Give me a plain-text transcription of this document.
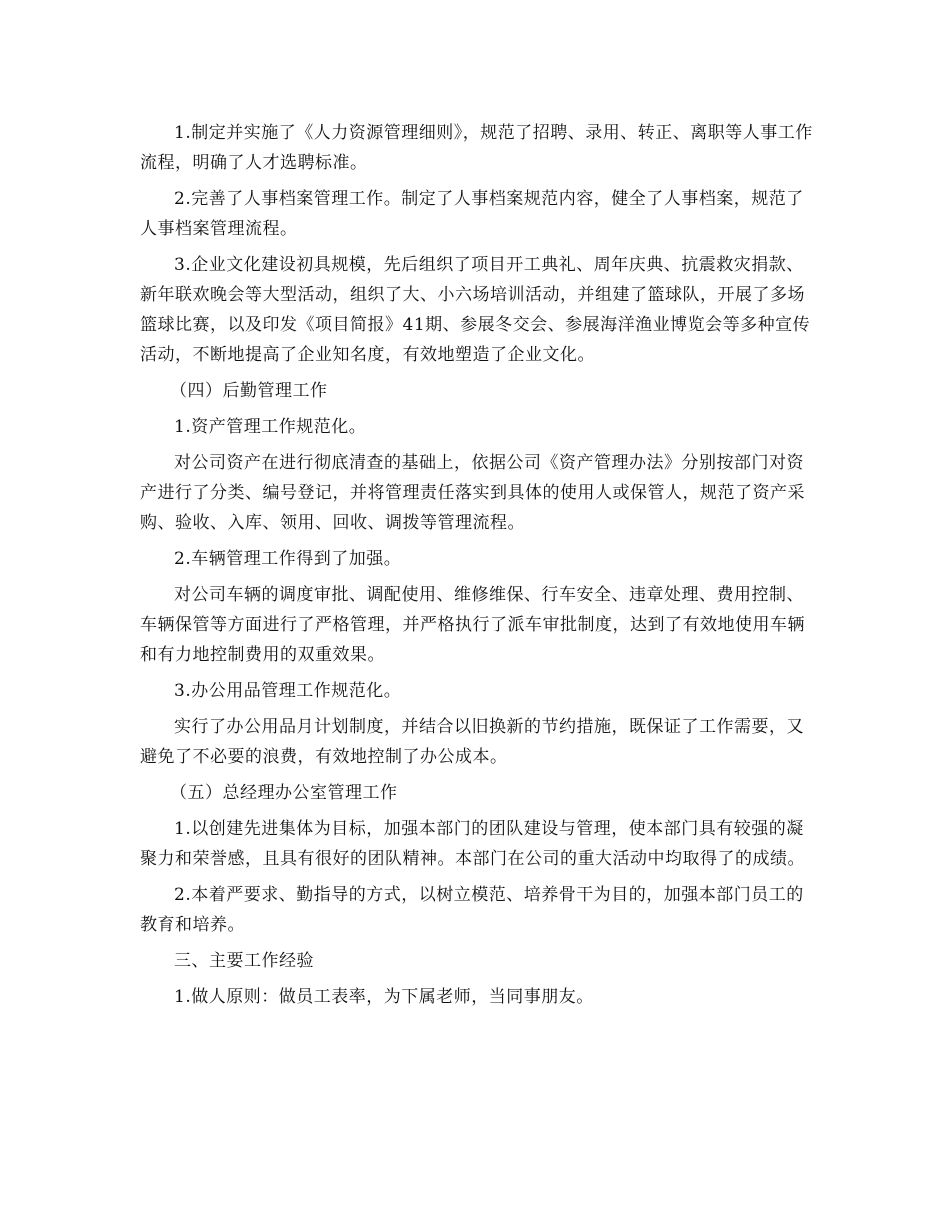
1.制定并实施了《人力资源管理细则》，规范了招聘、录用、转正、离职等人事工作流程，明确了人才选聘标准。

2.完善了人事档案管理工作。制定了人事档案规范内容，健全了人事档案，规范了人事档案管理流程。

3.企业文化建设初具规模，先后组织了项目开工典礼、周年庆典、抗震救灾捐款、新年联欢晚会等大型活动，组织了大、小六场培训活动，并组建了篮球队，开展了多场篮球比赛，以及印发《项目简报》41期、参展冬交会、参展海洋渔业博览会等多种宣传活动，不断地提高了企业知名度，有效地塑造了企业文化。

（四）后勤管理工作

1.资产管理工作规范化。

对公司资产在进行彻底清查的基础上，依据公司《资产管理办法》分别按部门对资产进行了分类、编号登记，并将管理责任落实到具体的使用人或保管人，规范了资产采购、验收、入库、领用、回收、调拨等管理流程。

2.车辆管理工作得到了加强。

对公司车辆的调度审批、调配使用、维修维保、行车安全、违章处理、费用控制、车辆保管等方面进行了严格管理，并严格执行了派车审批制度，达到了有效地使用车辆和有力地控制费用的双重效果。

3.办公用品管理工作规范化。

实行了办公用品月计划制度，并结合以旧换新的节约措施，既保证了工作需要，又避免了不必要的浪费，有效地控制了办公成本。

（五）总经理办公室管理工作

1.以创建先进集体为目标，加强本部门的团队建设与管理，使本部门具有较强的凝聚力和荣誉感，且具有很好的团队精神。本部门在公司的重大活动中均取得了的成绩。

2.本着严要求、勤指导的方式，以树立模范、培养骨干为目的，加强本部门员工的教育和培养。

三、主要工作经验

1.做人原则：做员工表率，为下属老师，当同事朋友。
